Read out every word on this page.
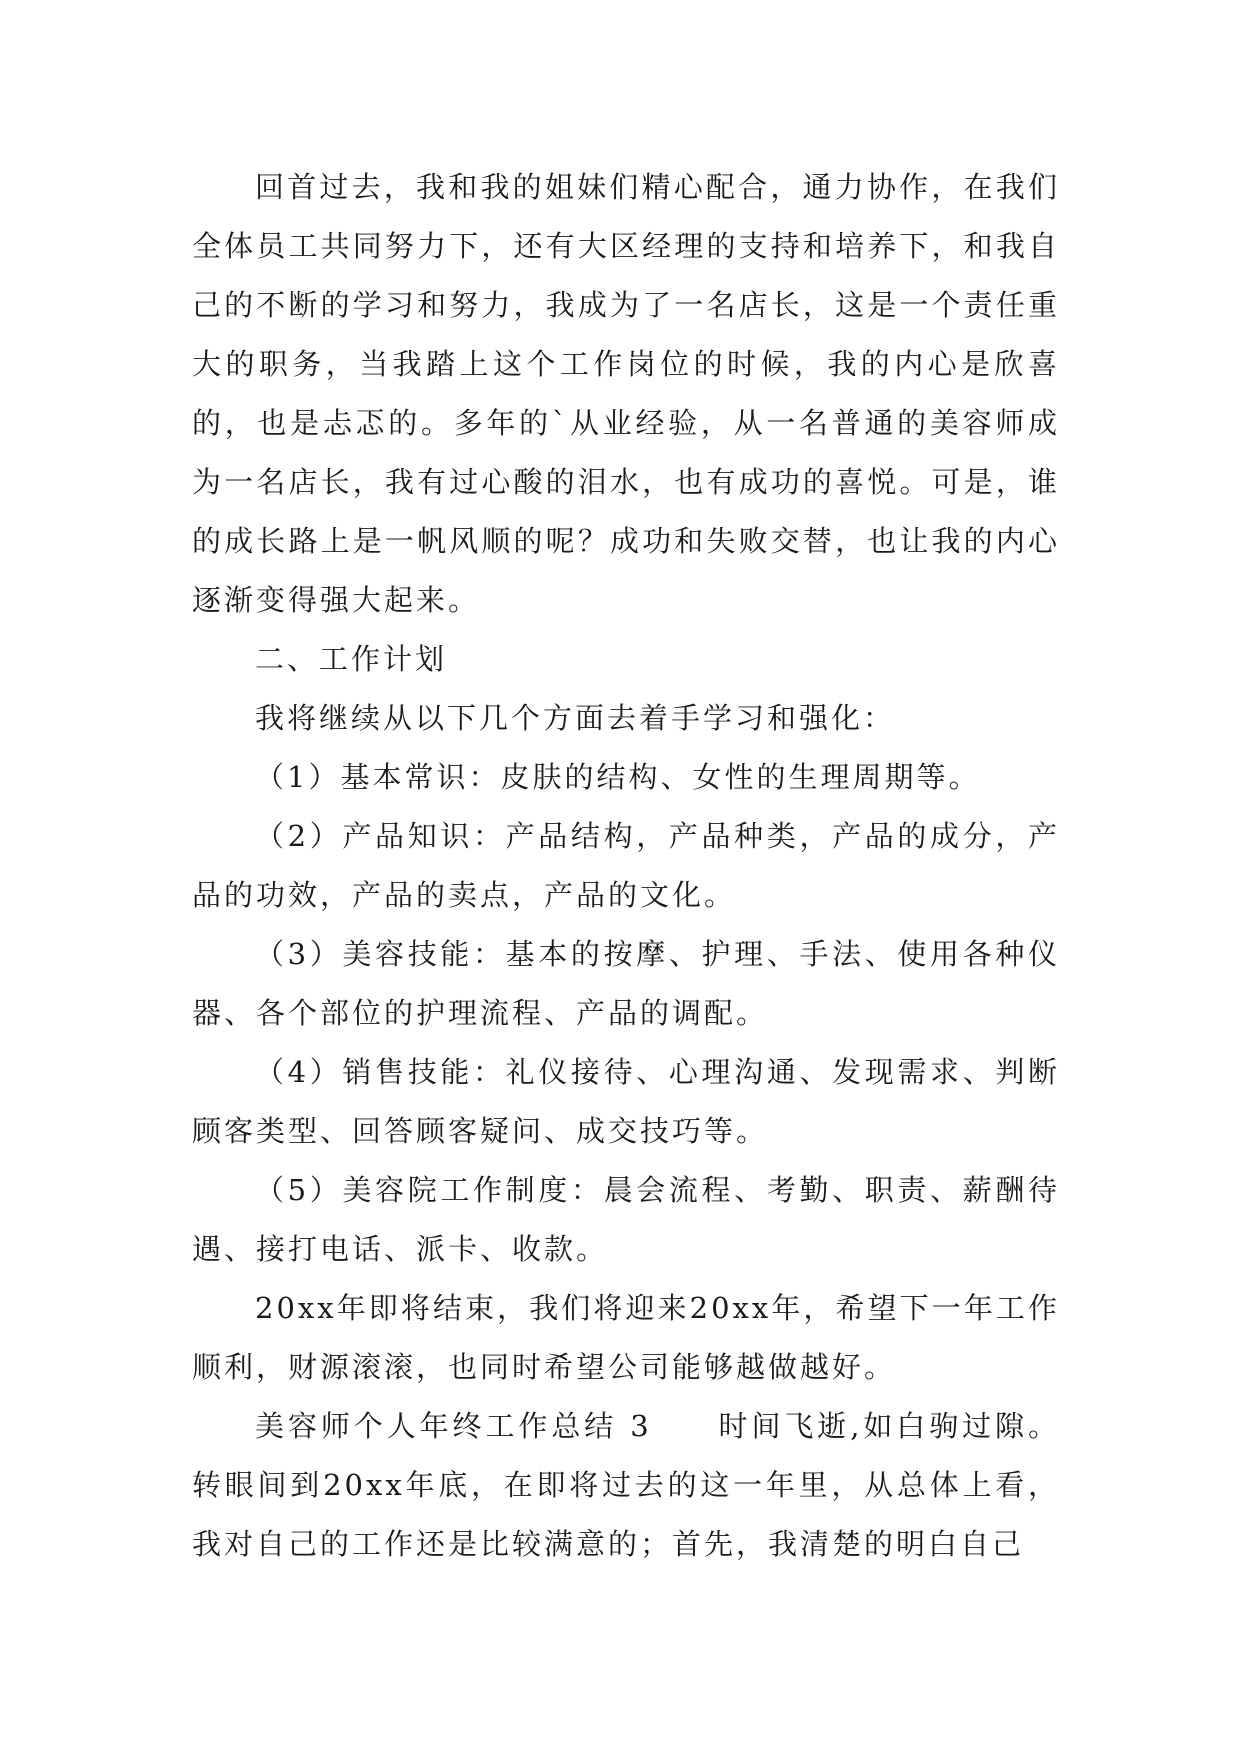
回首过去，我和我的姐妹们精心配合，通力协作，在我们全体员工共同努力下，还有大区经理的支持和培养下，和我自己的不断的学习和努力，我成为了一名店长，这是一个责任重大的职务，当我踏上这个工作岗位的时候，我的内心是欣喜的，也是忐忑的。多年的`从业经验，从一名普通的美容师成为一名店长，我有过心酸的泪水，也有成功的喜悦。可是，谁的成长路上是一帆风顺的呢？成功和失败交替，也让我的内心逐渐变得强大起来。

二、工作计划

我将继续从以下几个方面去着手学习和强化：

（1）基本常识：皮肤的结构、女性的生理周期等。

（2）产品知识：产品结构，产品种类，产品的成分，产品的功效，产品的卖点，产品的文化。

（3）美容技能：基本的按摩、护理、手法、使用各种仪器、各个部位的护理流程、产品的调配。

（4）销售技能：礼仪接待、心理沟通、发现需求、判断顾客类型、回答顾客疑问、成交技巧等。

（5）美容院工作制度：晨会流程、考勤、职责、薪酬待遇、接打电话、派卡、收款。

20xx年即将结束，我们将迎来20xx年，希望下一年工作顺利，财源滚滚，也同时希望公司能够越做越好。

美容师个人年终工作总结 3　　时间飞逝,如白驹过隙。转眼间到20xx年底，在即将过去的这一年里，从总体上看，我对自己的工作还是比较满意的；首先，我清楚的明白自己
